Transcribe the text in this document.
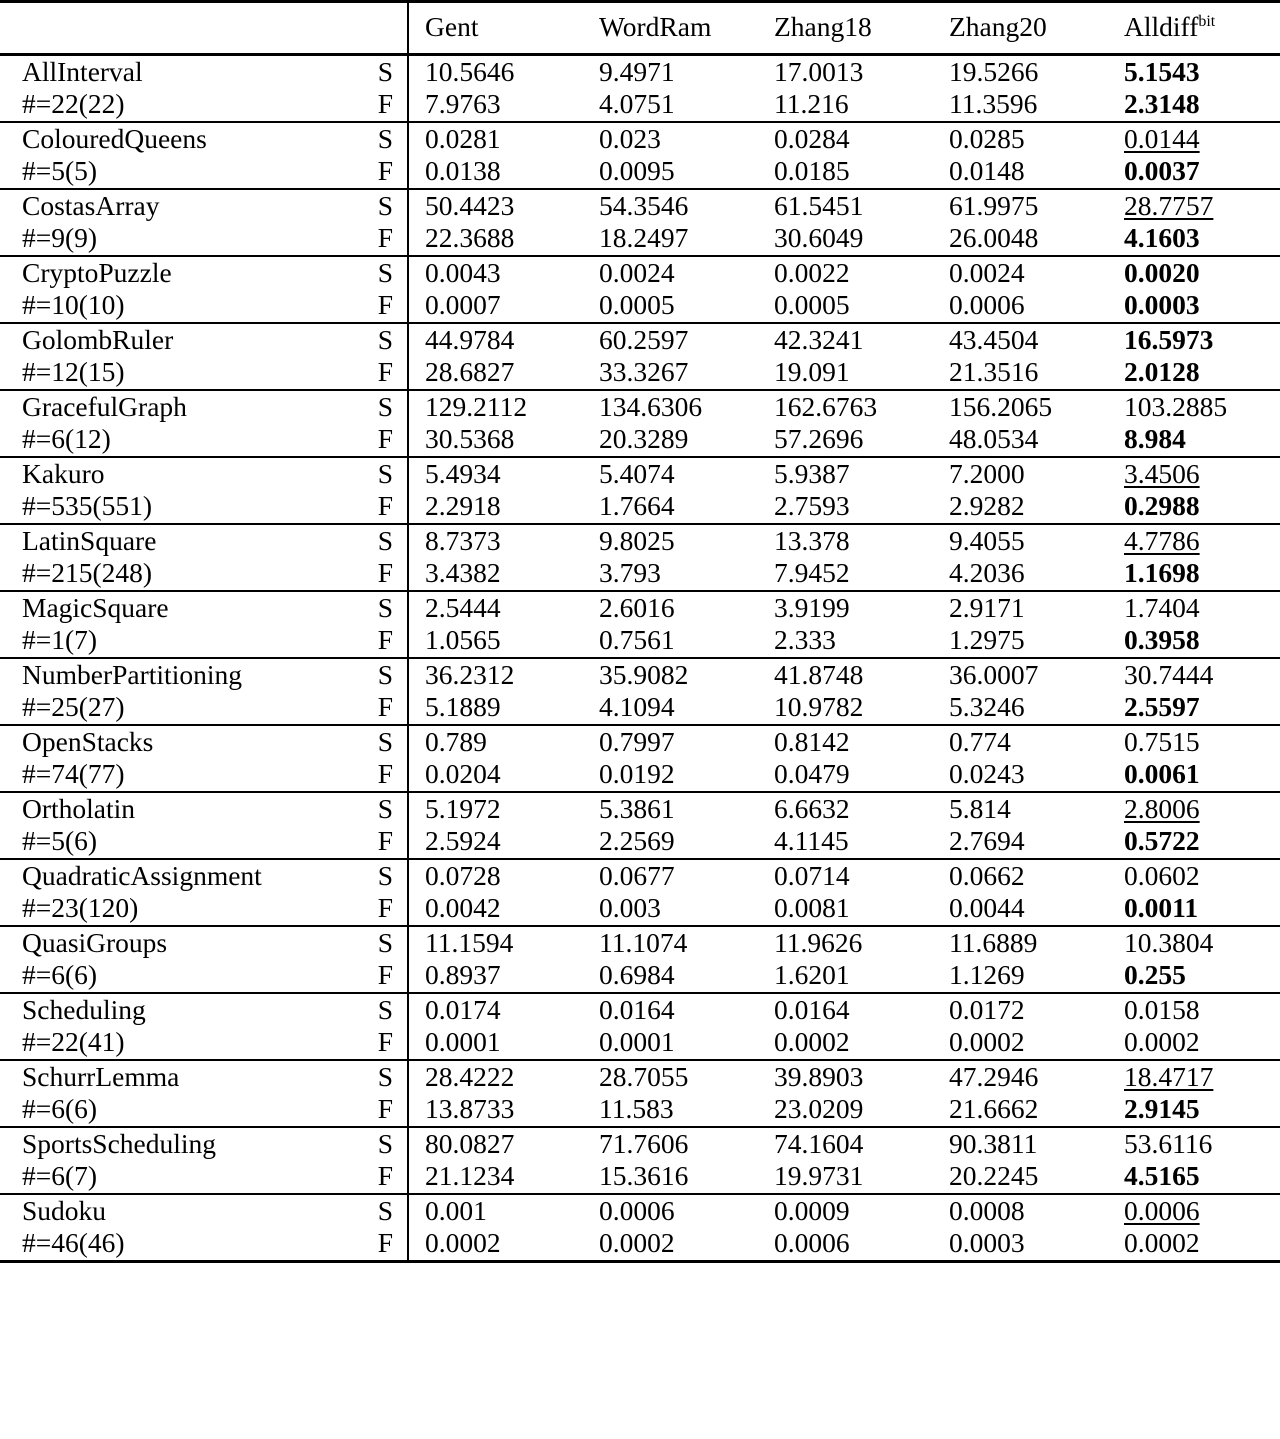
		Gent	WordRam	Zhang18	Zhang20	Alldiff$^{bit}$
AllInterval	S	10.5646	9.4971	17.0013	19.5266	5.1543
#=22(22)	F	7.9763	4.0751	11.216	11.3596	2.3148
ColouredQueens	S	0.0281	0.023	0.0284	0.0285	0.0144
#=5(5)	F	0.0138	0.0095	0.0185	0.0148	0.0037
CostasArray	S	50.4423	54.3546	61.5451	61.9975	28.7757
#=9(9)	F	22.3688	18.2497	30.6049	26.0048	4.1603
CryptoPuzzle	S	0.0043	0.0024	0.0022	0.0024	0.0020
#=10(10)	F	0.0007	0.0005	0.0005	0.0006	0.0003
GolombRuler	S	44.9784	60.2597	42.3241	43.4504	16.5973
#=12(15)	F	28.6827	33.3267	19.091	21.3516	2.0128
GracefulGraph	S	129.2112	134.6306	162.6763	156.2065	103.2885
#=6(12)	F	30.5368	20.3289	57.2696	48.0534	8.984
Kakuro	S	5.4934	5.4074	5.9387	7.2000	3.4506
#=535(551)	F	2.2918	1.7664	2.7593	2.9282	0.2988
LatinSquare	S	8.7373	9.8025	13.378	9.4055	4.7786
#=215(248)	F	3.4382	3.793	7.9452	4.2036	1.1698
MagicSquare	S	2.5444	2.6016	3.9199	2.9171	1.7404
#=1(7)	F	1.0565	0.7561	2.333	1.2975	0.3958
NumberPartitioning	S	36.2312	35.9082	41.8748	36.0007	30.7444
#=25(27)	F	5.1889	4.1094	10.9782	5.3246	2.5597
OpenStacks	S	0.789	0.7997	0.8142	0.774	0.7515
#=74(77)	F	0.0204	0.0192	0.0479	0.0243	0.0061
Ortholatin	S	5.1972	5.3861	6.6632	5.814	2.8006
#=5(6)	F	2.5924	2.2569	4.1145	2.7694	0.5722
QuadraticAssignment	S	0.0728	0.0677	0.0714	0.0662	0.0602
#=23(120)	F	0.0042	0.003	0.0081	0.0044	0.0011
QuasiGroups	S	11.1594	11.1074	11.9626	11.6889	10.3804
#=6(6)	F	0.8937	0.6984	1.6201	1.1269	0.255
Scheduling	S	0.0174	0.0164	0.0164	0.0172	0.0158
#=22(41)	F	0.0001	0.0001	0.0002	0.0002	0.0002
SchurrLemma	S	28.4222	28.7055	39.8903	47.2946	18.4717
#=6(6)	F	13.8733	11.583	23.0209	21.6662	2.9145
SportsScheduling	S	80.0827	71.7606	74.1604	90.3811	53.6116
#=6(7)	F	21.1234	15.3616	19.9731	20.2245	4.5165
Sudoku	S	0.001	0.0006	0.0009	0.0008	0.0006
#=46(46)	F	0.0002	0.0002	0.0006	0.0003	0.0002
